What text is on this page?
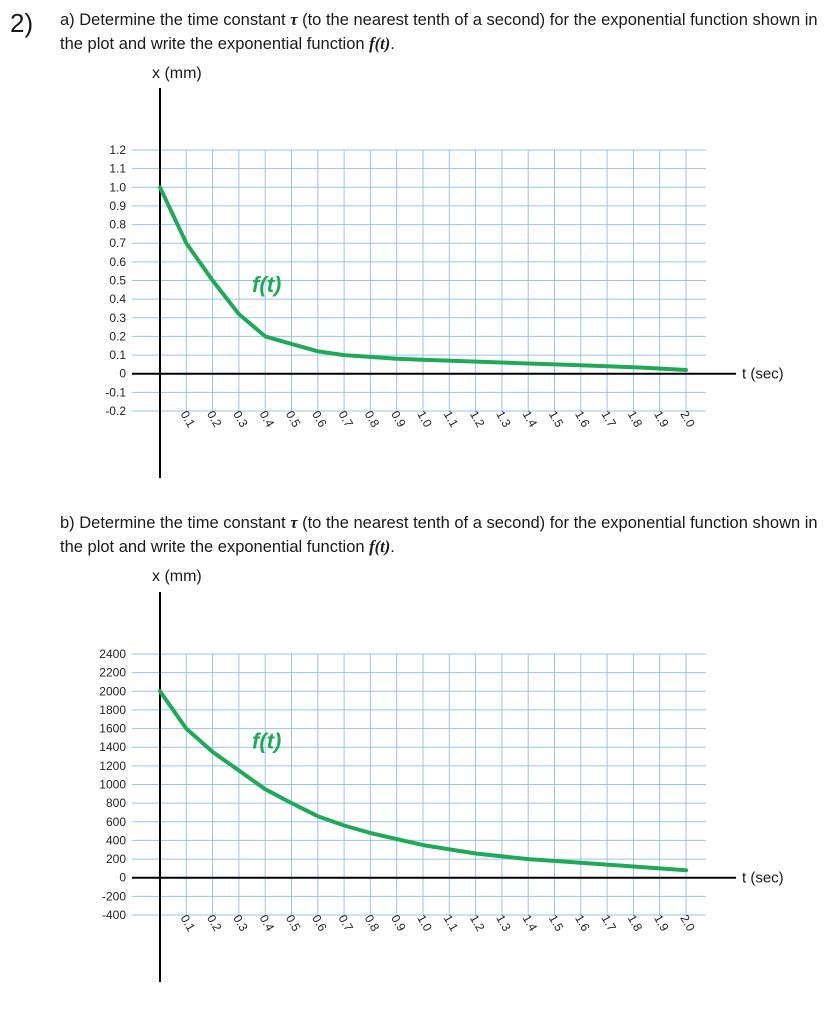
2) a) Determine the time constant τ (to the nearest tenth of a second) for the exponential function shown in the plot and write the exponential function f(t).
x (mm)
1.2
1.1
1.0
0.9
0.8
0.7
0.6
0.5
0.4
0.3
0.2
0.1
0
-0.1
-0.2	0.1 0.2 0.3 0.4 0.5 0.6 0.7 0.8 0.9 1.0 1.1 1.2 1.3 1.4 1.5 1.6 1.7 1.8 1.9 2.0
t (sec)
f(t)
b) Determine the time constant τ (to the nearest tenth of a second) for the exponential function shown in the plot and write the exponential function f(t).
x (mm)
2400
2200
2000
1800
1600
1400
1200
1000
800
600
400
200
0
-200
-400	0.1 0.2 0.3 0.4 0.5 0.6 0.7 0.8 0.9 1.0 1.1 1.2 1.3 1.4 1.5 1.6 1.7 1.8 1.9 2.0
t (sec)
f(t)
